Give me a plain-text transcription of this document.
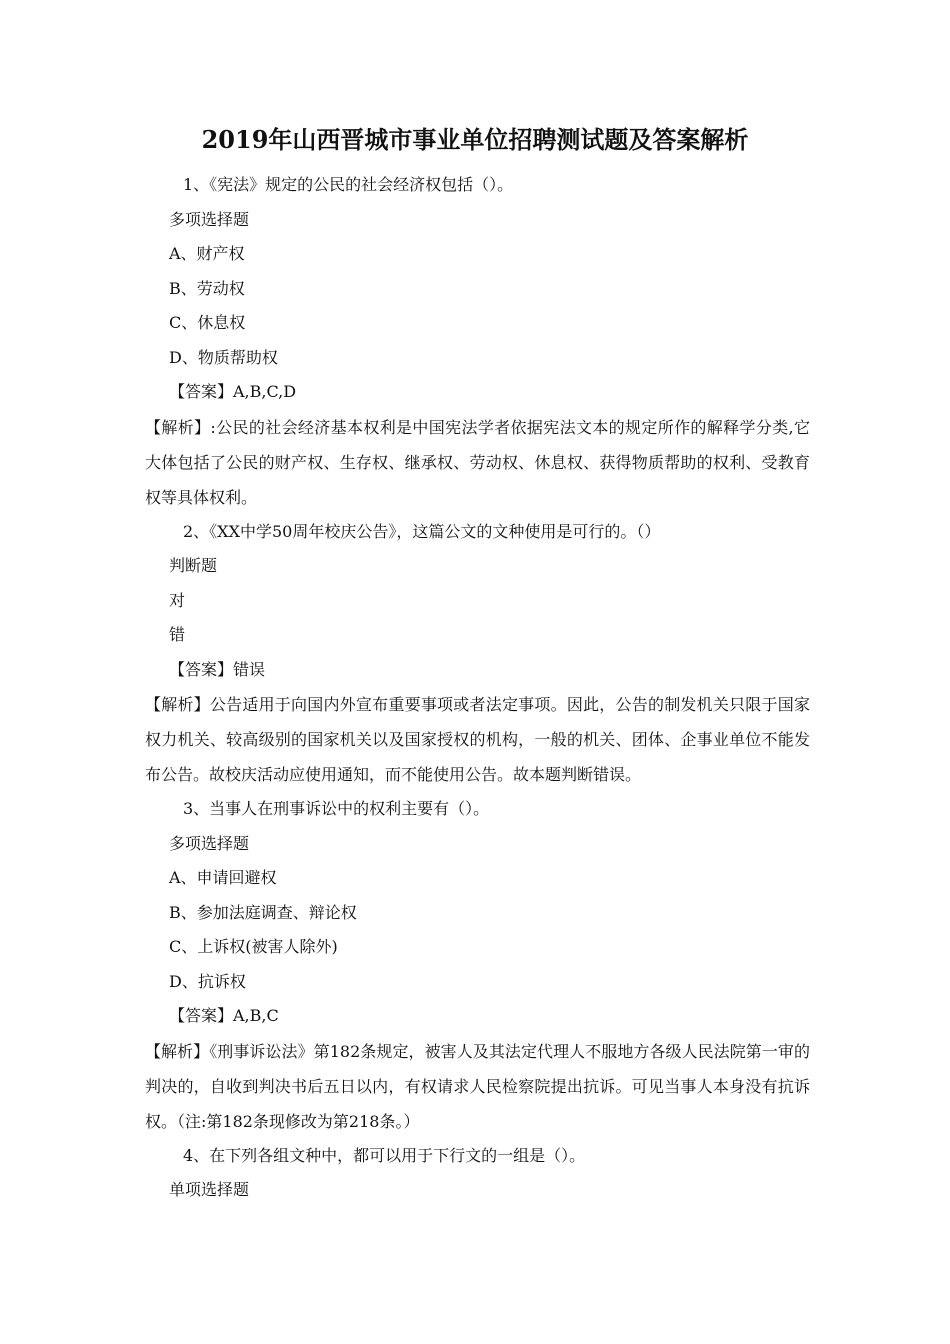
2019年山西晋城市事业单位招聘测试题及答案解析
1、《宪法》规定的公民的社会经济权包括（）。
多项选择题
A、财产权
B、劳动权
C、休息权
D、物质帮助权
【答案】A,B,C,D
【解析】:公民的社会经济基本权利是中国宪法学者依据宪法文本的规定所作的解释学分类,它大体包括了公民的财产权、生存权、继承权、劳动权、休息权、获得物质帮助的权利、受教育权等具体权利。
2、《XX中学50周年校庆公告》，这篇公文的文种使用是可行的。（）
判断题
对
错
【答案】错误
【解析】公告适用于向国内外宣布重要事项或者法定事项。因此，公告的制发机关只限于国家权力机关、较高级别的国家机关以及国家授权的机构，一般的机关、团体、企事业单位不能发布公告。故校庆活动应使用通知，而不能使用公告。故本题判断错误。
3、当事人在刑事诉讼中的权利主要有（）。
多项选择题
A、申请回避权
B、参加法庭调查、辩论权
C、上诉权(被害人除外)
D、抗诉权
【答案】A,B,C
【解析】《刑事诉讼法》第182条规定，被害人及其法定代理人不服地方各级人民法院第一审的判决的，自收到判决书后五日以内，有权请求人民检察院提出抗诉。可见当事人本身没有抗诉权。（注:第182条现修改为第218条。）
4、在下列各组文种中，都可以用于下行文的一组是（）。
单项选择题
